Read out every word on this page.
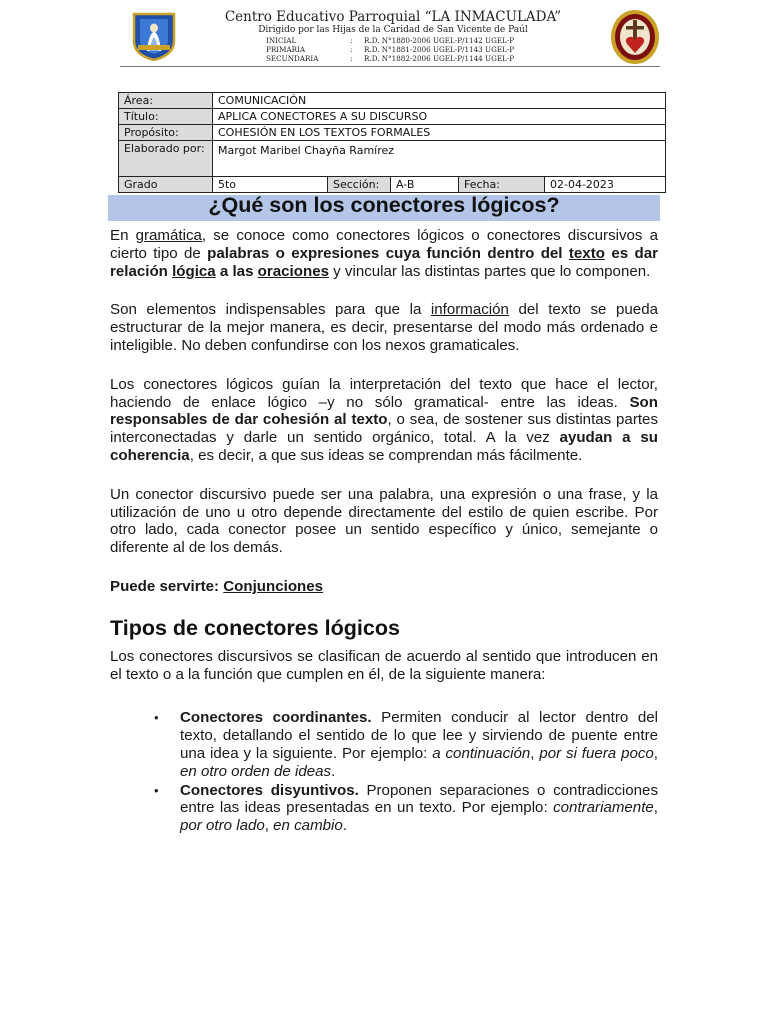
Centro Educativo Parroquial “LA INMACULADA”
Dirigido por las Hijas de la Caridad de San Vicente de Paúl
INICIAL	:	R.D. N°1880-2006 UGEL-P/1142 UGEL-P
PRIMARIA	:	R.D. N°1881-2006 UGEL-P/1143 UGEL-P
SECUNDARIA	:	R.D. N°1882-2006 UGEL-P/1144 UGEL-P
Área:	COMUNICACIÓN				
Título:	APLICA CONECTORES A SU DISCURSO				
Propósito:	COHESIÓN EN LOS TEXTOS FORMALES				
Elaborado por:	Margot Maribel Chayña Ramírez				
Grado	5to	Sección:	A-B	Fecha:	02-04-2023
¿Qué son los conectores lógicos?

En gramática, se conoce como conectores lógicos o conectores discursivos a cierto tipo de palabras o expresiones cuya función dentro del texto es dar relación lógica a las oraciones y vincular las distintas partes que lo componen.

Son elementos indispensables para que la información del texto se pueda estructurar de la mejor manera, es decir, presentarse del modo más ordenado e inteligible. No deben confundirse con los nexos gramaticales.

Los conectores lógicos guían la interpretación del texto que hace el lector, haciendo de enlace lógico –y no sólo gramatical- entre las ideas. Son responsables de dar cohesión al texto, o sea, de sostener sus distintas partes interconectadas y darle un sentido orgánico, total. A la vez ayudan a su coherencia, es decir, a que sus ideas se comprendan más fácilmente.

Un conector discursivo puede ser una palabra, una expresión o una frase, y la utilización de uno u otro depende directamente del estilo de quien escribe. Por otro lado, cada conector posee un sentido específico y único, semejante o diferente al de los demás.

Puede servirte: Conjunciones

Tipos de conectores lógicos

Los conectores discursivos se clasifican de acuerdo al sentido que introducen en el texto o a la función que cumplen en él, de la siguiente manera:

• Conectores coordinantes. Permiten conducir al lector dentro del texto, detallando el sentido de lo que lee y sirviendo de puente entre una idea y la siguiente. Por ejemplo: a continuación, por si fuera poco, en otro orden de ideas.
• Conectores disyuntivos. Proponen separaciones o contradicciones entre las ideas presentadas en un texto. Por ejemplo: contrariamente, por otro lado, en cambio.
